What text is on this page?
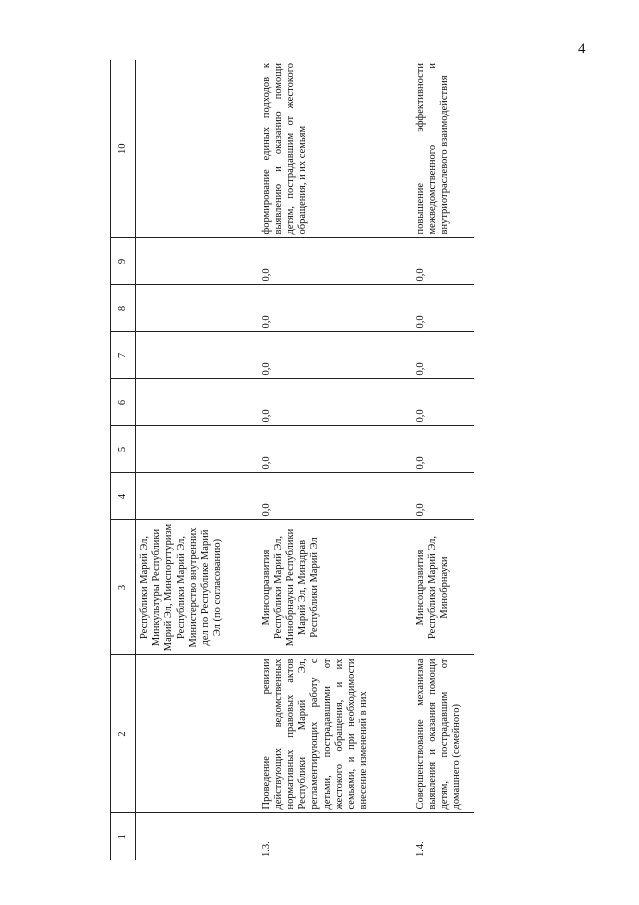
4
1	2	3	4	5	6	7	8	9	10
		Республики Марий Эл, Минкультуры Республики Марий Эл, Минспорттуризм Республики Марий Эл, Министерство внутренних дел по Республике Марий Эл (по согласованию)							
1.3.	Проведение ревизии действующих ведомственных нормативных правовых актов Республики Марий Эл, регламентирующих работу с детьми, пострадавшими от жестокого обращения, и их семьями, и при необходимости внесение изменений в них	Минсоцразвития Республики Марий Эл, Минобрнауки Республики Марий Эл, Минздрав Республики Марий Эл	0,0	0,0	0,0	0,0	0,0	0,0	формирование единых подходов к выявлению и оказанию помощи детям, пострадавшим от жестокого обращения, и их семьям
1.4.	Совершенствование механизма выявления и оказания помощи детям, пострадавшим от домашнего (семейного)	Минсоцразвития Республики Марий Эл, Минобрнауки	0,0	0,0	0,0	0,0	0,0	0,0	повышение эффективности межведомственного и внутриотраслевого взаимодействия
